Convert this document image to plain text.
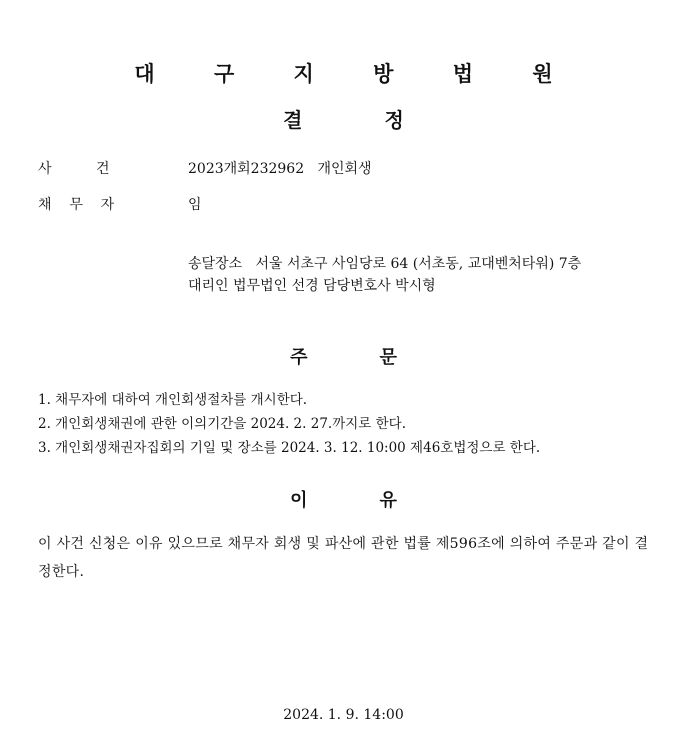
대 구 지 방 법 원
결	정
사          건	2023개회232962   개인회생
채    무    자	임
송달장소   서울 서초구 사임당로 64 (서초동, 교대벤처타워) 7층
대리인 법무법인 선경 담당변호사 박시형
주	문
1. 채무자에 대하여 개인회생절차를 개시한다.
2. 개인회생채권에 관한 이의기간을 2024. 2. 27.까지로 한다.
3. 개인회생채권자집회의 기일 및 장소를 2024. 3. 12. 10:00 제46호법정으로 한다.
이	유
이 사건 신청은 이유 있으므로 채무자 회생 및 파산에 관한 법률 제596조에 의하여 주문과 같이 결정한다.
2024. 1. 9. 14:00
